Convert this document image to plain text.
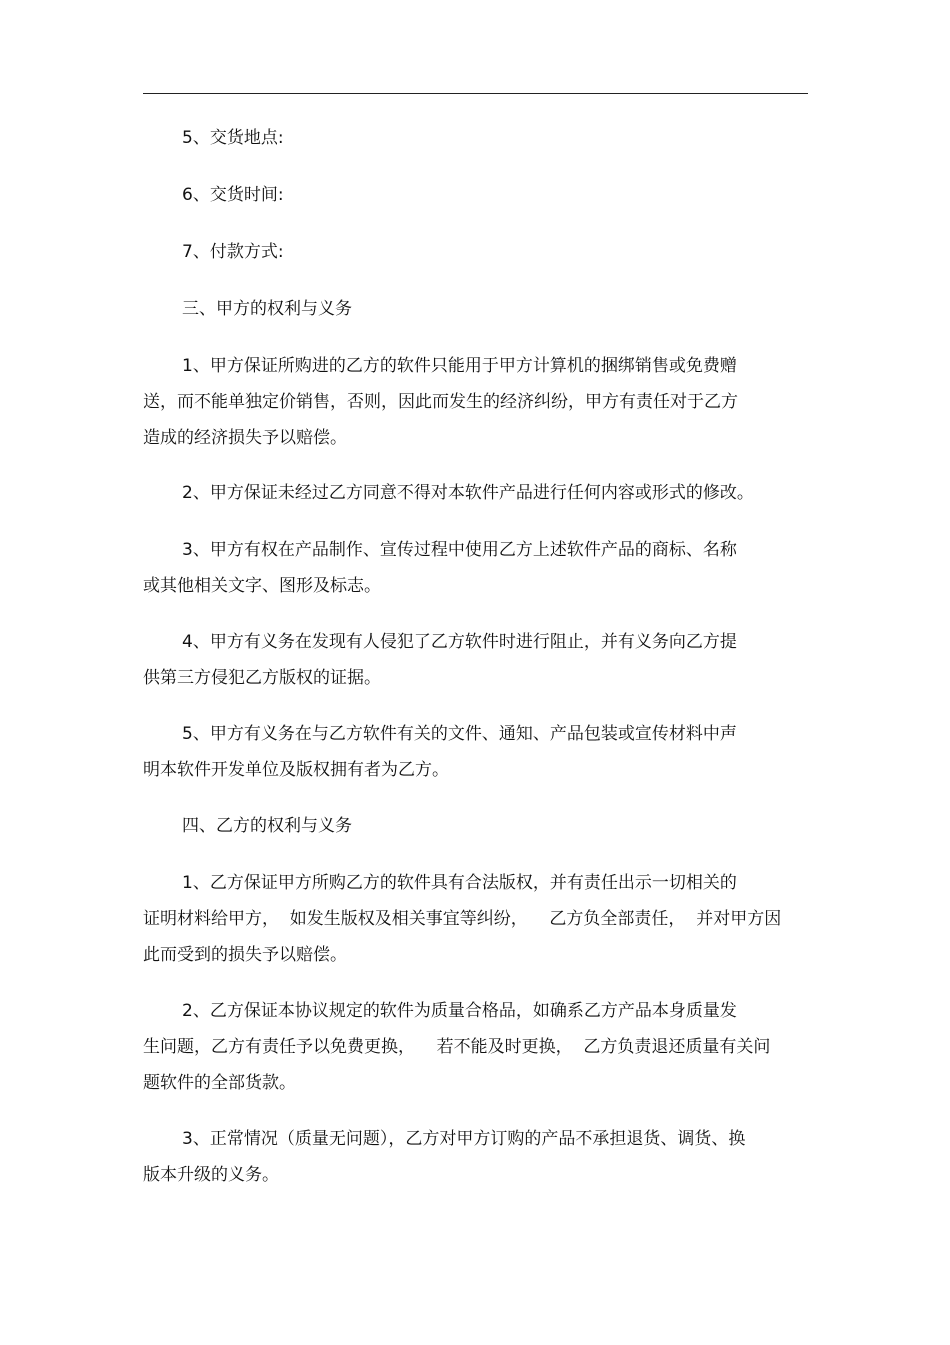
5、交货地点:
6、交货时间:
7、付款方式:
三、甲方的权利与义务
1、甲方保证所购进的乙方的软件只能用于甲方计算机的捆绑销售或免费赠
送，而不能单独定价销售，否则，因此而发生的经济纠纷，甲方有责任对于乙方
造成的经济损失予以赔偿。
2、甲方保证未经过乙方同意不得对本软件产品进行任何内容或形式的修改。
3、甲方有权在产品制作、宣传过程中使用乙方上述软件产品的商标、名称
或其他相关文字、图形及标志。
4、甲方有义务在发现有人侵犯了乙方软件时进行阻止，并有义务向乙方提
供第三方侵犯乙方版权的证据。
5、甲方有义务在与乙方软件有关的文件、通知、产品包装或宣传材料中声
明本软件开发单位及版权拥有者为乙方。
四、乙方的权利与义务
1、乙方保证甲方所购乙方的软件具有合法版权，并有责任出示一切相关的
证明材料给甲方，  如发生版权及相关事宜等纠纷，    乙方负全部责任，  并对甲方因
此而受到的损失予以赔偿。
2、乙方保证本协议规定的软件为质量合格品，如确系乙方产品本身质量发
生问题，乙方有责任予以免费更换，    若不能及时更换，  乙方负责退还质量有关问
题软件的全部货款。
3、正常情况（质量无问题），乙方对甲方订购的产品不承担退货、调货、换
版本升级的义务。
